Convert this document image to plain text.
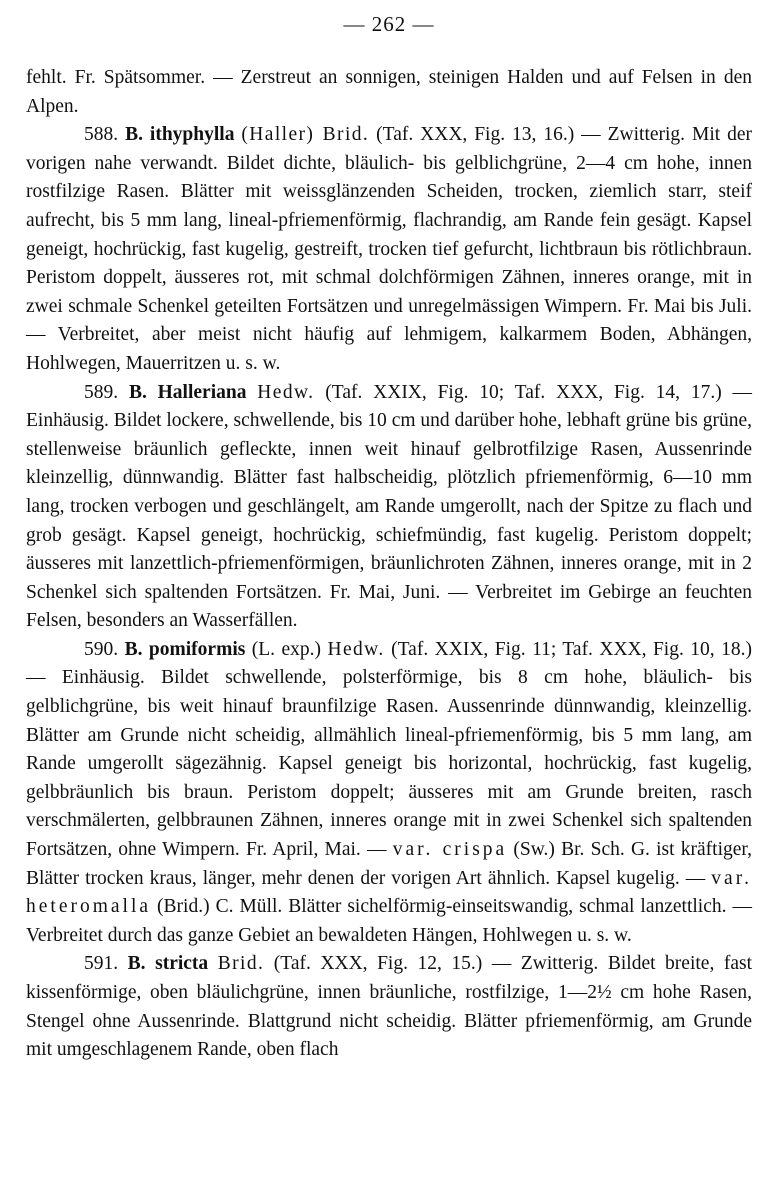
— 262 —

fehlt. Fr. Spätsommer. — Zerstreut an sonnigen, steinigen Halden und auf Felsen in den Alpen.

588. B. ithyphylla (Haller) Brid. (Taf. XXX, Fig. 13, 16.) — Zwitterig. Mit der vorigen nahe verwandt. Bildet dichte, bläulich- bis gelblichgrüne, 2—4 cm hohe, innen rostfilzige Rasen. Blätter mit weissglänzenden Scheiden, trocken, ziemlich starr, steif aufrecht, bis 5 mm lang, lineal-pfriemenförmig, flachrandig, am Rande fein gesägt. Kapsel geneigt, hochrückig, fast kugelig, gestreift, trocken tief gefurcht, lichtbraun bis rötlichbraun. Peristom doppelt, äusseres rot, mit schmal dolchförmigen Zähnen, inneres orange, mit in zwei schmale Schenkel geteilten Fortsätzen und unregelmässigen Wimpern. Fr. Mai bis Juli. — Verbreitet, aber meist nicht häufig auf lehmigem, kalkarmem Boden, Abhängen, Hohlwegen, Mauerritzen u. s. w.

589. B. Halleriana Hedw. (Taf. XXIX, Fig. 10; Taf. XXX, Fig. 14, 17.) — Einhäusig. Bildet lockere, schwellende, bis 10 cm und darüber hohe, lebhaft grüne bis grüne, stellenweise bräunlich gefleckte, innen weit hinauf gelbrotfilzige Rasen, Aussenrinde kleinzellig, dünnwandig. Blätter fast halbscheidig, plötzlich pfriemenförmig, 6—10 mm lang, trocken verbogen und geschlängelt, am Rande umgerollt, nach der Spitze zu flach und grob gesägt. Kapsel geneigt, hochrückig, schiefmündig, fast kugelig. Peristom doppelt; äusseres mit lanzettlich-pfriemenförmigen, bräunlichroten Zähnen, inneres orange, mit in 2 Schenkel sich spaltenden Fortsätzen. Fr. Mai, Juni. — Verbreitet im Gebirge an feuchten Felsen, besonders an Wasserfällen.

590. B. pomiformis (L. exp.) Hedw. (Taf. XXIX, Fig. 11; Taf. XXX, Fig. 10, 18.) — Einhäusig. Bildet schwellende, polsterförmige, bis 8 cm hohe, bläulich- bis gelblichgrüne, bis weit hinauf braunfilzige Rasen. Aussenrinde dünnwandig, kleinzellig. Blätter am Grunde nicht scheidig, allmählich lineal-pfriemenförmig, bis 5 mm lang, am Rande umgerollt sägezähnig. Kapsel geneigt bis horizontal, hochrückig, fast kugelig, gelbbräunlich bis braun. Peristom doppelt; äusseres mit am Grunde breiten, rasch verschmälerten, gelbbraunen Zähnen, inneres orange mit in zwei Schenkel sich spaltenden Fortsätzen, ohne Wimpern. Fr. April, Mai. — var. crispa (Sw.) Br. Sch. G. ist kräftiger, Blätter trocken kraus, länger, mehr denen der vorigen Art ähnlich. Kapsel kugelig. — var. heteromalla (Brid.) C. Müll. Blätter sichelförmig-einseitswandig, schmal lanzettlich. — Verbreitet durch das ganze Gebiet an bewaldeten Hängen, Hohlwegen u. s. w.

591. B. stricta Brid. (Taf. XXX, Fig. 12, 15.) — Zwitterig. Bildet breite, fast kissenförmige, oben bläulichgrüne, innen bräunliche, rostfilzige, 1—2½ cm hohe Rasen, Stengel ohne Aussenrinde. Blattgrund nicht scheidig. Blätter pfriemenförmig, am Grunde mit umgeschlagenem Rande, oben flach
